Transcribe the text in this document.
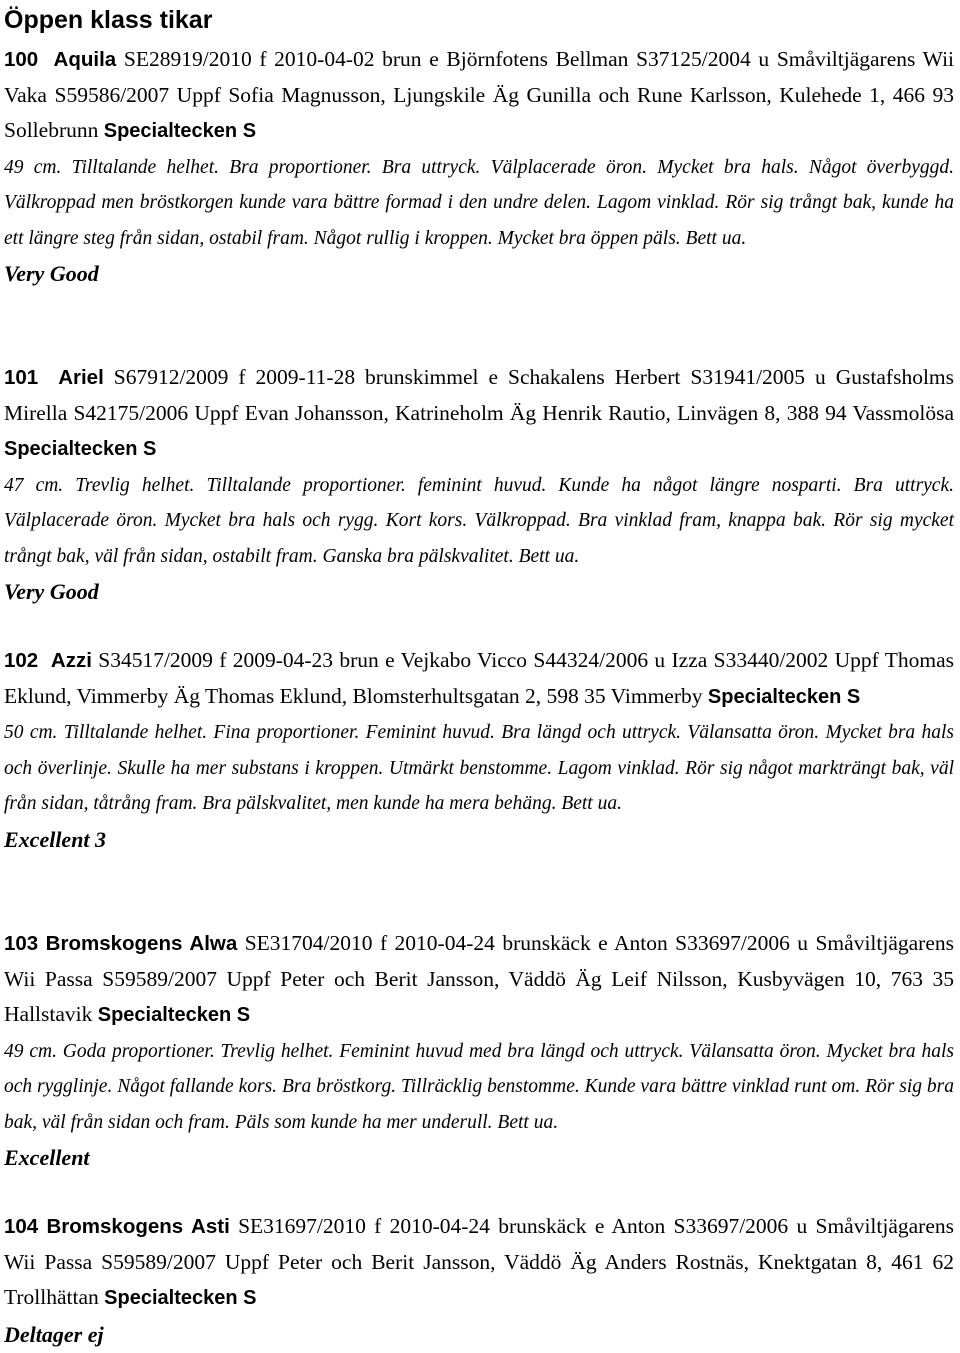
Öppen klass tikar
100 Aquila SE28919/2010 f 2010-04-02 brun e Björnfotens Bellman S37125/2004 u Småviltjägarens Wii Vaka S59586/2007 Uppf Sofia Magnusson, Ljungskile Äg Gunilla och Rune Karlsson, Kulehede 1, 466 93 Sollebrunn Specialtecken S
49 cm. Tilltalande helhet. Bra proportioner. Bra uttryck. Välplacerade öron. Mycket bra hals. Något överbyggd. Välkroppad men bröstkorgen kunde vara bättre formad i den undre delen. Lagom vinklad. Rör sig trångt bak, kunde ha ett längre steg från sidan, ostabil fram. Något rullig i kroppen. Mycket bra öppen päls. Bett ua.
Very Good
101 Ariel S67912/2009 f 2009-11-28 brunskimmel e Schakalens Herbert S31941/2005 u Gustafsholms Mirella S42175/2006 Uppf Evan Johansson, Katrineholm Äg Henrik Rautio, Linvägen 8, 388 94 Vassmolösa Specialtecken S
47 cm. Trevlig helhet. Tilltalande proportioner. feminint huvud. Kunde ha något längre nosparti. Bra uttryck. Välplacerade öron. Mycket bra hals och rygg. Kort kors. Välkroppad. Bra vinklad fram, knappa bak. Rör sig mycket trångt bak, väl från sidan, ostabilt fram. Ganska bra pälskvalitet. Bett ua.
Very Good
102 Azzi S34517/2009 f 2009-04-23 brun e Vejkabo Vicco S44324/2006 u Izza S33440/2002 Uppf Thomas Eklund, Vimmerby Äg Thomas Eklund, Blomsterhultsgatan 2, 598 35 Vimmerby Specialtecken S
50 cm. Tilltalande helhet. Fina proportioner. Feminint huvud. Bra längd och uttryck. Välansatta öron. Mycket bra hals och överlinje. Skulle ha mer substans i kroppen. Utmärkt benstomme. Lagom vinklad. Rör sig något markträngt bak, väl från sidan, tåtrång fram. Bra pälskvalitet, men kunde ha mera behäng. Bett ua.
Excellent 3
103 Bromskogens Alwa SE31704/2010 f 2010-04-24 brunskäck e Anton S33697/2006 u Småviltjägarens Wii Passa S59589/2007 Uppf Peter och Berit Jansson, Väddö Äg Leif Nilsson, Kusbyvägen 10, 763 35 Hallstavik Specialtecken S
49 cm. Goda proportioner. Trevlig helhet. Feminint huvud med bra längd och uttryck. Välansatta öron. Mycket bra hals och rygglinje. Något fallande kors. Bra bröstkorg. Tillräcklig benstomme. Kunde vara bättre vinklad runt om. Rör sig bra bak, väl från sidan och fram. Päls som kunde ha mer underull. Bett ua.
Excellent
104 Bromskogens Asti SE31697/2010 f 2010-04-24 brunskäck e Anton S33697/2006 u Småviltjägarens Wii Passa S59589/2007 Uppf Peter och Berit Jansson, Väddö Äg Anders Rostnäs, Knektgatan 8, 461 62 Trollhättan Specialtecken S
Deltager ej
